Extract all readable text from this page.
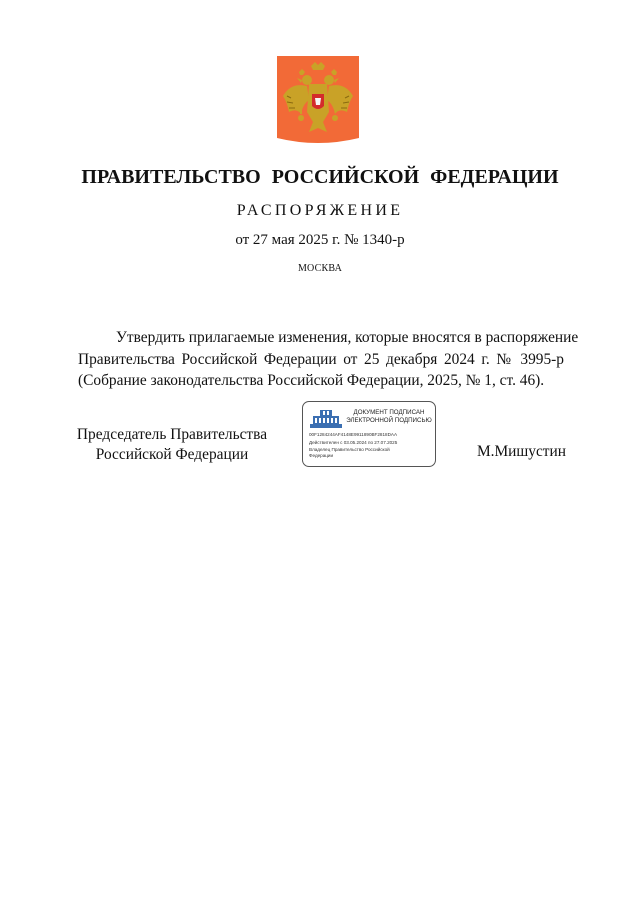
ПРАВИТЕЛЬСТВО РОССИЙСКОЙ ФЕДЕРАЦИИ

РАСПОРЯЖЕНИЕ

от 27 мая 2025 г. № 1340-р

МОСКВА

Утвердить прилагаемые изменения, которые вносятся в распоряжение
Правительства Российской Федерации от 25 декабря 2024 г. № 3995-р
(Собрание законодательства Российской Федерации, 2025, № 1, ст. 46).

Председатель Правительства
Российской Федерации

ДОКУМЕНТ ПОДПИСАН
ЭЛЕКТРОННОЙ ПОДПИСЬЮ
00F1284244AF4148E9911890BF2818DAA
Действителен с 03.05.2024 по 27.07.2025
Владелец Правительство Российской Федерации	М.Мишустин
